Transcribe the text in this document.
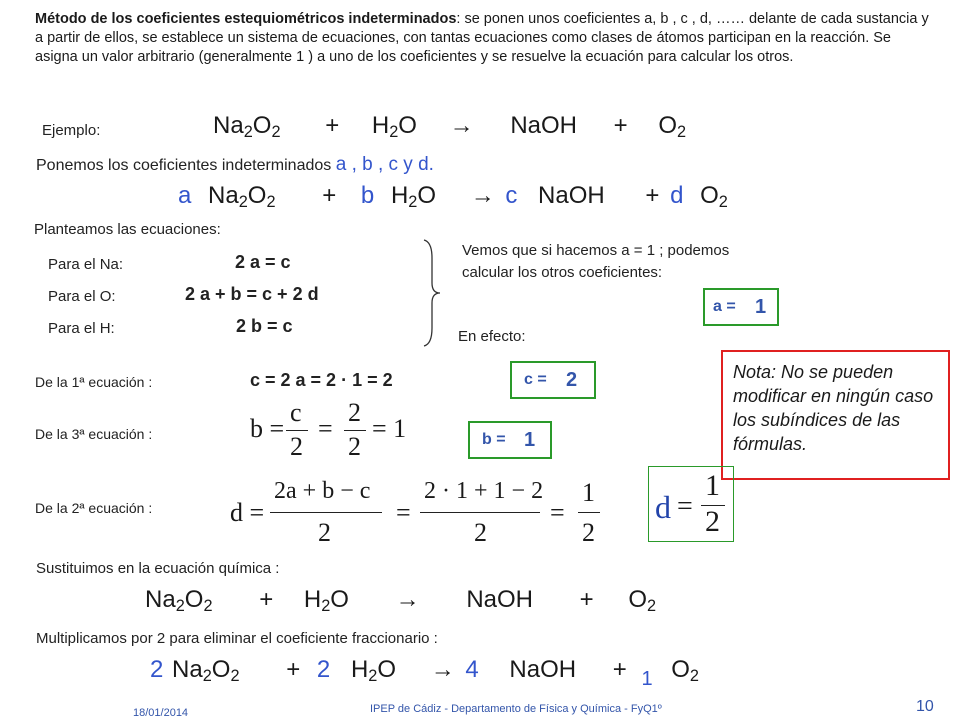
Método de los coeficientes estequiométricos indeterminados: se ponen unos coeficientes a, b , c , d, …… delante de cada sustancia y a partir de ellos, se establece un sistema de ecuaciones, con tantas ecuaciones como clases de átomos participan en la reacción. Se asigna un valor arbitrario (generalmente 1 ) a uno de los coeficientes y se resuelve la ecuación para calcular los otros.
Ejemplo:	$Na_2O_2 + H_2O$ → NaOH + $O_2$
Ponemos los coeficientes indeterminados a , b , c y d.
a $Na_2O_2 + b$ $H_2O \to c$ NaOH + d $O_2$
Planteamos las ecuaciones:
Para el Na:	2 a = c
Para el O:	2 a + b = c + 2 d
Para el H:	2 b = c
Vemos que si hacemos a = 1 ; podemos calcular los otros coeficientes:
En efecto:
a = 1
De la 1ª ecuación :	c = 2 a = 2 · 1 = 2	c = 2	Nota: No se pueden modificar en ningún caso los subíndices de las fórmulas.
De la 3ª ecuación :	b =
c
2
=
2
2
= 1	b = 1
De la 2ª ecuación :	d =
2a + b − c
2
=
2 · 1 + 1 − 2
2
=
1
2
d =
1
2
Sustituimos en la ecuación química :
$Na_2O_2 + H_2O$ → NaOH + $O_2$
Multiplicamos por 2 para eliminar el coeficiente fraccionario :
2 $Na_2O_2 + 2$ $H_2O \to 4$ NaOH + $_1$ $O_2$
18/01/2014	IPEP de Cádiz - Departamento de Física y Química - FyQ1º	10
